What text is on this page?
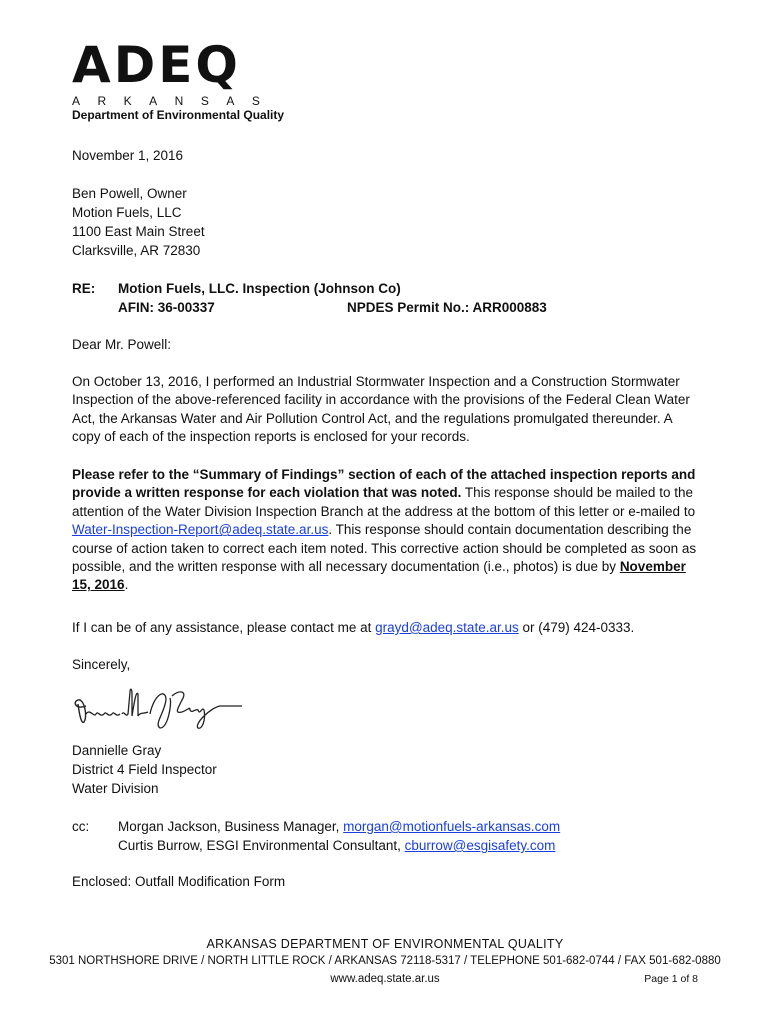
ADEQ
ARKANSAS
Department of Environmental Quality
November 1, 2016
Ben Powell, Owner
Motion Fuels, LLC
1100 East Main Street
Clarksville, AR 72830
RE: Motion Fuels, LLC. Inspection (Johnson Co)
AFIN: 36-00337	NPDES Permit No.: ARR000883
Dear Mr. Powell:
On October 13, 2016, I performed an Industrial Stormwater Inspection and a Construction Stormwater Inspection of the above-referenced facility in accordance with the provisions of the Federal Clean Water Act, the Arkansas Water and Air Pollution Control Act, and the regulations promulgated thereunder. A copy of each of the inspection reports is enclosed for your records.
Please refer to the “Summary of Findings” section of each of the attached inspection reports and provide a written response for each violation that was noted. This response should be mailed to the attention of the Water Division Inspection Branch at the address at the bottom of this letter or e-mailed to Water-Inspection-Report@adeq.state.ar.us. This response should contain documentation describing the course of action taken to correct each item noted. This corrective action should be completed as soon as possible, and the written response with all necessary documentation (i.e., photos) is due by November 15, 2016.
If I can be of any assistance, please contact me at grayd@adeq.state.ar.us or (479) 424-0333.
Sincerely,
Dannielle Gray
District 4 Field Inspector
Water Division
cc: Morgan Jackson, Business Manager, morgan@motionfuels-arkansas.com
Curtis Burrow, ESGI Environmental Consultant, cburrow@esgisafety.com
Enclosed: Outfall Modification Form
ARKANSAS DEPARTMENT OF ENVIRONMENTAL QUALITY
5301 NORTHSHORE DRIVE / NORTH LITTLE ROCK / ARKANSAS 72118-5317 / TELEPHONE 501-682-0744 / FAX 501-682-0880
www.adeq.state.ar.us	Page 1 of 8
